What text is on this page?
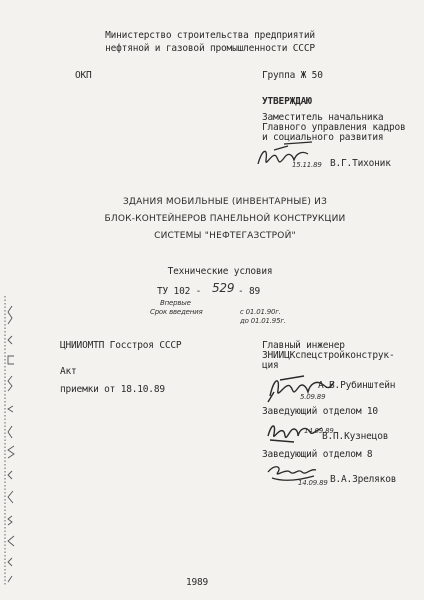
Министерство строительства предприятий
нефтяной и газовой промышленности СССР
ОКП	Группа Ж 50
УТВЕРЖДАЮ
Заместитель начальника
Главного управления кадров
и социального развития
15.11.89 В.Г.Тихоник
ЗДАНИЯ МОБИЛЬНЫЕ (ИНВЕНТАРНЫЕ) ИЗ
БЛОК-КОНТЕЙНЕРОВ ПАНЕЛЬНОЙ КОНСТРУКЦИИ
СИСТЕМЫ "НЕФТЕГАЗСТРОЙ"
Технические условия
ТУ 102 - 529 - 89
Впервые
Срок введения	с 01.01.90г.
до 01.01.95г.
ЦНИИОМТП Госстроя СССР
Акт
приемки от 18.10.89
Главный инженер
ЗНИИЦКспецстройконструк-
ция
5.09.89
А.Б.Рубинштейн
Заведующий отделом 10
14.09.89
В.П.Кузнецов
Заведующий отделом 8
14.09.89 В.А.Зреляков
1989
